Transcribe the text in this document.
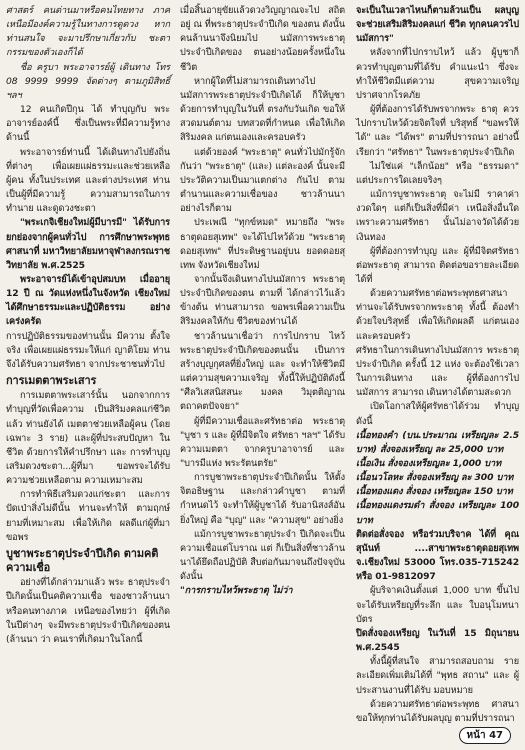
ศาสตร์ คนด่านมาหรือคนไทยทาง ภาคเหนือมีองค์ความรู้ในทางการดูดวง หากท่านสนใจ จะมาปรึกษาเกี่ยวกับ ชะตากรรมของตัวเองก็ได้
ชื่อ ครูบา พระอาจารย์ผู้ เดินทาง โทร 08 9999 9999 จัดต่างๆ ตามภูมิสิทธิ์ ฯลฯ
12 คนเกิดปีกุน ได้ ทำบุญกับ พระอาจารย์องค์นี้ ซึ่งเป็นพระที่มีความรู้ทางด้านนี้
พระอาจารย์ท่านนี้ ได้เดินทางไปยังถิ่นที่ต่างๆ เพื่อเผยแผ่ธรรมะและช่วยเหลือผู้คน ทั้งในประเทศ และต่างประเทศ ท่านเป็นผู้ที่มีความรู้ ความสามารถในการทำนาย และดูดวงชะตา
"พระเกจิเชียงใหม่ผู้มีบารมี" ได้รับการยกย่องจากผู้คนทั่วไป การศึกษาพระพุทธศาสนาที่ มหาวิทยาลัยมหาจุฬาลงกรณราชวิทยาลัย พ.ศ.2525
พระอาจารย์ได้เข้าอุปสมบท เมื่ออายุ 12 ปี ณ วัดแห่งหนึ่งในจังหวัด เชียงใหม่ ได้ศึกษาธรรมะและปฏิบัติธรรม อย่างเคร่งครัด
การปฏิบัติธรรมของท่านนั้น มีความ ตั้งใจจริง เพื่อเผยแผ่ธรรมะให้แก่ ญาติโยม ท่านจึงได้รับความศรัทธา จากประชาชนทั่วไป
การเมตตาพระเสาร
การเมตตาพระเสาร์นั้น นอกจากการทำบุญที่วัดเพื่อความ เป็นสิริมงคลแก่ชีวิตแล้ว ท่านยังได้ เมตตาช่วยเหลือผู้คน (โดยเฉพาะ 3 ราย) และผู้ที่ประสบปัญหา ในชีวิต ด้วยการให้คำปรึกษา และ การทำบุญเสริมดวงชะตา...ผู้ที่มา ขอพรจะได้รับความช่วยเหลือตาม ความเหมาะสม
การทำพิธีเสริมดวงแก่ชะตา และการปัดเป่าสิ่งไม่ดีนั้น ท่านจะทำให้ ตามฤกษ์ยามที่เหมาะสม เพื่อให้เกิด ผลดีแก่ผู้ที่มาขอพร
บูชาพระธาตุประจำปีเกิด ตามคติความเชื่อ
อย่างที่ได้กล่าวมาแล้ว พระ ธาตุประจำปีเกิดนั้นเป็นคติความเชื่อ ของชาวล้านนา หรือคนทางภาค เหนือของไทยว่า ผู้ที่เกิดในปีต่างๆ จะมีพระธาตุประจำปีเกิดของตน (ล้านนา ว่า คนเราที่เกิดมาในโลกนี้
เมื่อสิ้นอายุขัยแล้วดวงวิญญาณจะไป สถิตอยู่ ณ ที่พระธาตุประจำปีเกิด ของตน ดังนั้นคนล้านนาจึงนิยมไป นมัสการพระธาตุประจำปีเกิดของ ตนอย่างน้อยครั้งหนึ่งในชีวิต
หากผู้ใดที่ไม่สามารถเดินทางไป นมัสการพระธาตุประจำปีเกิดได้ ก็ให้บูชาด้วยการทำบุญในวันที่ ตรงกับวันเกิด ขอให้สวดมนต์ตาม บทสวดที่กำหนด เพื่อให้เกิดสิริมงคล แก่ตนเองและครอบครัว
แต่ด้วยองค์ "พระธาตุ" คนทั่วไปมักรู้จักกันว่า "พระธาตุ" (และ) แต่ละองค์ นั้นจะมีประวัติความเป็นมาแตกต่าง กันไป ตามตำนานและความเชื่อของ ชาวล้านนา อย่างไรก็ตาม
ประเพณี "ทุกข์หมด" หมายถึง "พระธาตุดอยสุเทพ" จะได้ไปไหว้ด้วย "พระธาตุ ดอยสุเทพ" ที่ประดิษฐานอยู่บน ยอดดอยสุเทพ จังหวัดเชียงใหม่
จากนั้นจึงเดินทางไปนมัสการ พระธาตุประจำปีเกิดของตน ตามที่ ได้กล่าวไว้แล้วข้างต้น ท่านสามารถ ขอพรเพื่อความเป็นสิริมงคลให้กับ ชีวิตของท่านได้
ชาวล้านนาเชื่อว่า การไปกราบ ไหว้พระธาตุประจำปีเกิดของตนนั้น เป็นการสร้างบุญกุศลที่ยิ่งใหญ่ และ จะทำให้ชีวิตมีแต่ความสุขความเจริญ ทั้งนี้ให้ปฏิบัติดังนี้ "ศีลวิเสสนิสสนะ มงคล วิมุตติญาณ ตถาคตปัจจยา"
ผู้ที่มีความเชื่อและศรัทธาต่อ พระธาตุ "บูชา ร และ ผู้ที่มีจิตใจ ศรัทธา ฯลฯ" ได้รับความเมตตา จากครูบาอาจารย์ และ "บารมีแห่ง พระรัตนตรัย"
การบูชาพระธาตุประจำปีเกิดนั้น ให้ตั้งจิตอธิษฐาน และกล่าวคำบูชา ตามที่กำหนดไว้ จะทำให้ผู้บูชาได้ รับอานิสงส์อันยิ่งใหญ่ คือ "บุญ" และ "ความสุข" อย่างยิ่ง
แม้การบูชาพระธาตุประจำ ปีเกิดจะเป็นความเชื่อแต่โบราณ แต่ ก็เป็นสิ่งที่ชาวล้านนาได้ยึดถือปฏิบัติ สืบต่อกันมาจนถึงปัจจุบัน ดังนั้น
"การกราบไหว้พระธาตุ ไม่ว่า
จะเป็นในเวลาไหนก็ตามล้วนเป็น ผลบุญ จะช่วยเสริมสิริมงคลแก่ ชีวิต ทุกคนควรไปนมัสการ"
หลังจากที่ไปกราบไหว้ แล้ว ผู้บูชาก็ควรทำบุญตามที่ได้รับ คำแนะนำ ซึ่งจะทำให้ชีวิตมีแต่ความ สุขความเจริญ ปราศจากโรคภัย
ผู้ที่ต้องการได้รับพรจากพระ ธาตุ ควรไปกราบไหว้ด้วยจิตใจที่ บริสุทธิ์ "ขอพรให้ได้" และ "ได้พร" ตามที่ปรารถนา อย่างนี้เรียกว่า "ศรัทธา" ในพระธาตุประจำปีเกิด
ไม่ใช่แค่ "เล็กน้อย" หรือ "ธรรมดา" แต่ประการใดเลยจริงๆ
แม้การบูชาพระธาตุ จะไม่มี ราคาค่างวดใดๆ แต่ก็เป็นสิ่งที่มีค่า เหนือสิ่งอื่นใด เพราะความศรัทธา นั้นไม่อาจวัดได้ด้วยเงินทอง
ผู้ที่ต้องการทำบุญ และ ผู้ที่มีจิตศรัทธาต่อพระธาตุ สามารถ ติดต่อขอรายละเอียดได้ที่
ด้วยความศรัทธาต่อพระพุทธศาสนา ท่านจะได้รับพรจากพระธาตุ ทั้งนี้ ต้องทำด้วยใจบริสุทธิ์ เพื่อให้เกิดผลดี แก่ตนเองและครอบครัว
ศรัทธาในการเดินทางไปนมัสการ พระธาตุประจำปีเกิด ครั้งนี้ 12 แห่ง จะต้องใช้เวลาในการเดินทาง และ ผู้ที่ต้องการไปนมัสการ สามารถ เดินทางได้ตามสะดวก
เปิดโอกาสให้ผู้ศรัทธาได้ร่วม ทำบุญ ดังนี้
เนื้อทองคำ (บน.ประมาณ เหรียญละ 2.5 บาท) สั่งจองเหรียญ ละ 25,000 บาท
เนื้อเงิน สั่งจองเหรียญละ 1,000 บาท
เนื้อนวโลหะ สั่งจองเหรียญ ละ 300 บาท
เนื้อทองแดง สั่งจอง เหรียญละ 150 บาท
เนื้อทองแดงรมดำ สั่งจอง เหรียญละ 100 บาท
ติดต่อสั่งจอง หรือร่วมบริจาค ได้ที่ คุณสุนันท์ ....สาขาพระธาตุดอยสุเทพ จ.เชียงใหม่ 53000 โทร.035-715242 หรือ 01-9812097
ผู้บริจาคเงินตั้งแต่ 1,000 บาท ขึ้นไป จะได้รับเหรียญที่ระลึก และ ใบอนุโมทนาบัตร
ปิดสั่งจองเหรียญ ในวันที่ 15 มิถุนายน พ.ศ.2545
ทั้งนี้ผู้ที่สนใจ สามารถสอบถาม รายละเอียดเพิ่มเติมได้ที่ "พุทธ สถาน" และ ผู้ประสานงานที่ได้รับ มอบหมาย
ด้วยความศรัทธาต่อพระพุทธ ศาสนา ขอให้ทุกท่านได้รับผลบุญ ตามที่ปรารถนา
หน้า 47
